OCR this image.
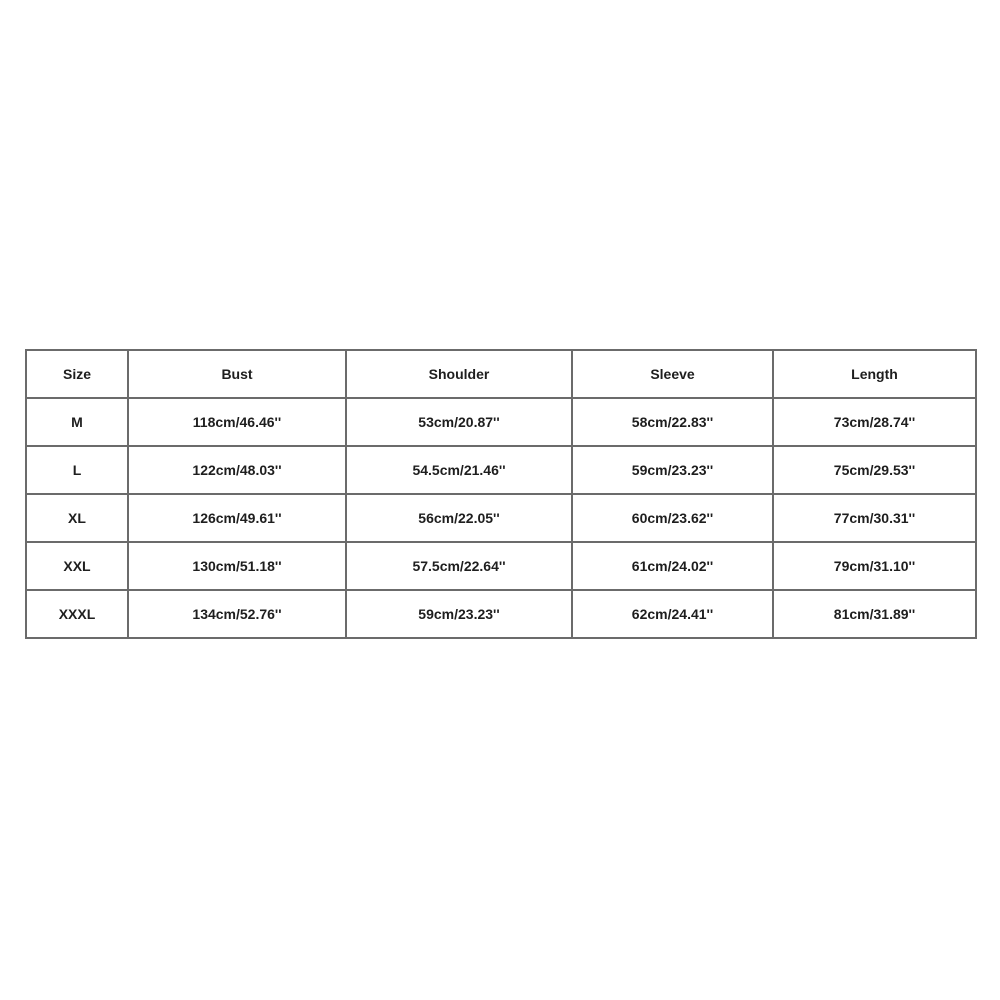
Size	Bust	Shoulder	Sleeve	Length
M	118cm/46.46''	53cm/20.87''	58cm/22.83''	73cm/28.74''
L	122cm/48.03''	54.5cm/21.46''	59cm/23.23''	75cm/29.53''
XL	126cm/49.61''	56cm/22.05''	60cm/23.62''	77cm/30.31''
XXL	130cm/51.18''	57.5cm/22.64''	61cm/24.02''	79cm/31.10''
XXXL	134cm/52.76''	59cm/23.23''	62cm/24.41''	81cm/31.89''
